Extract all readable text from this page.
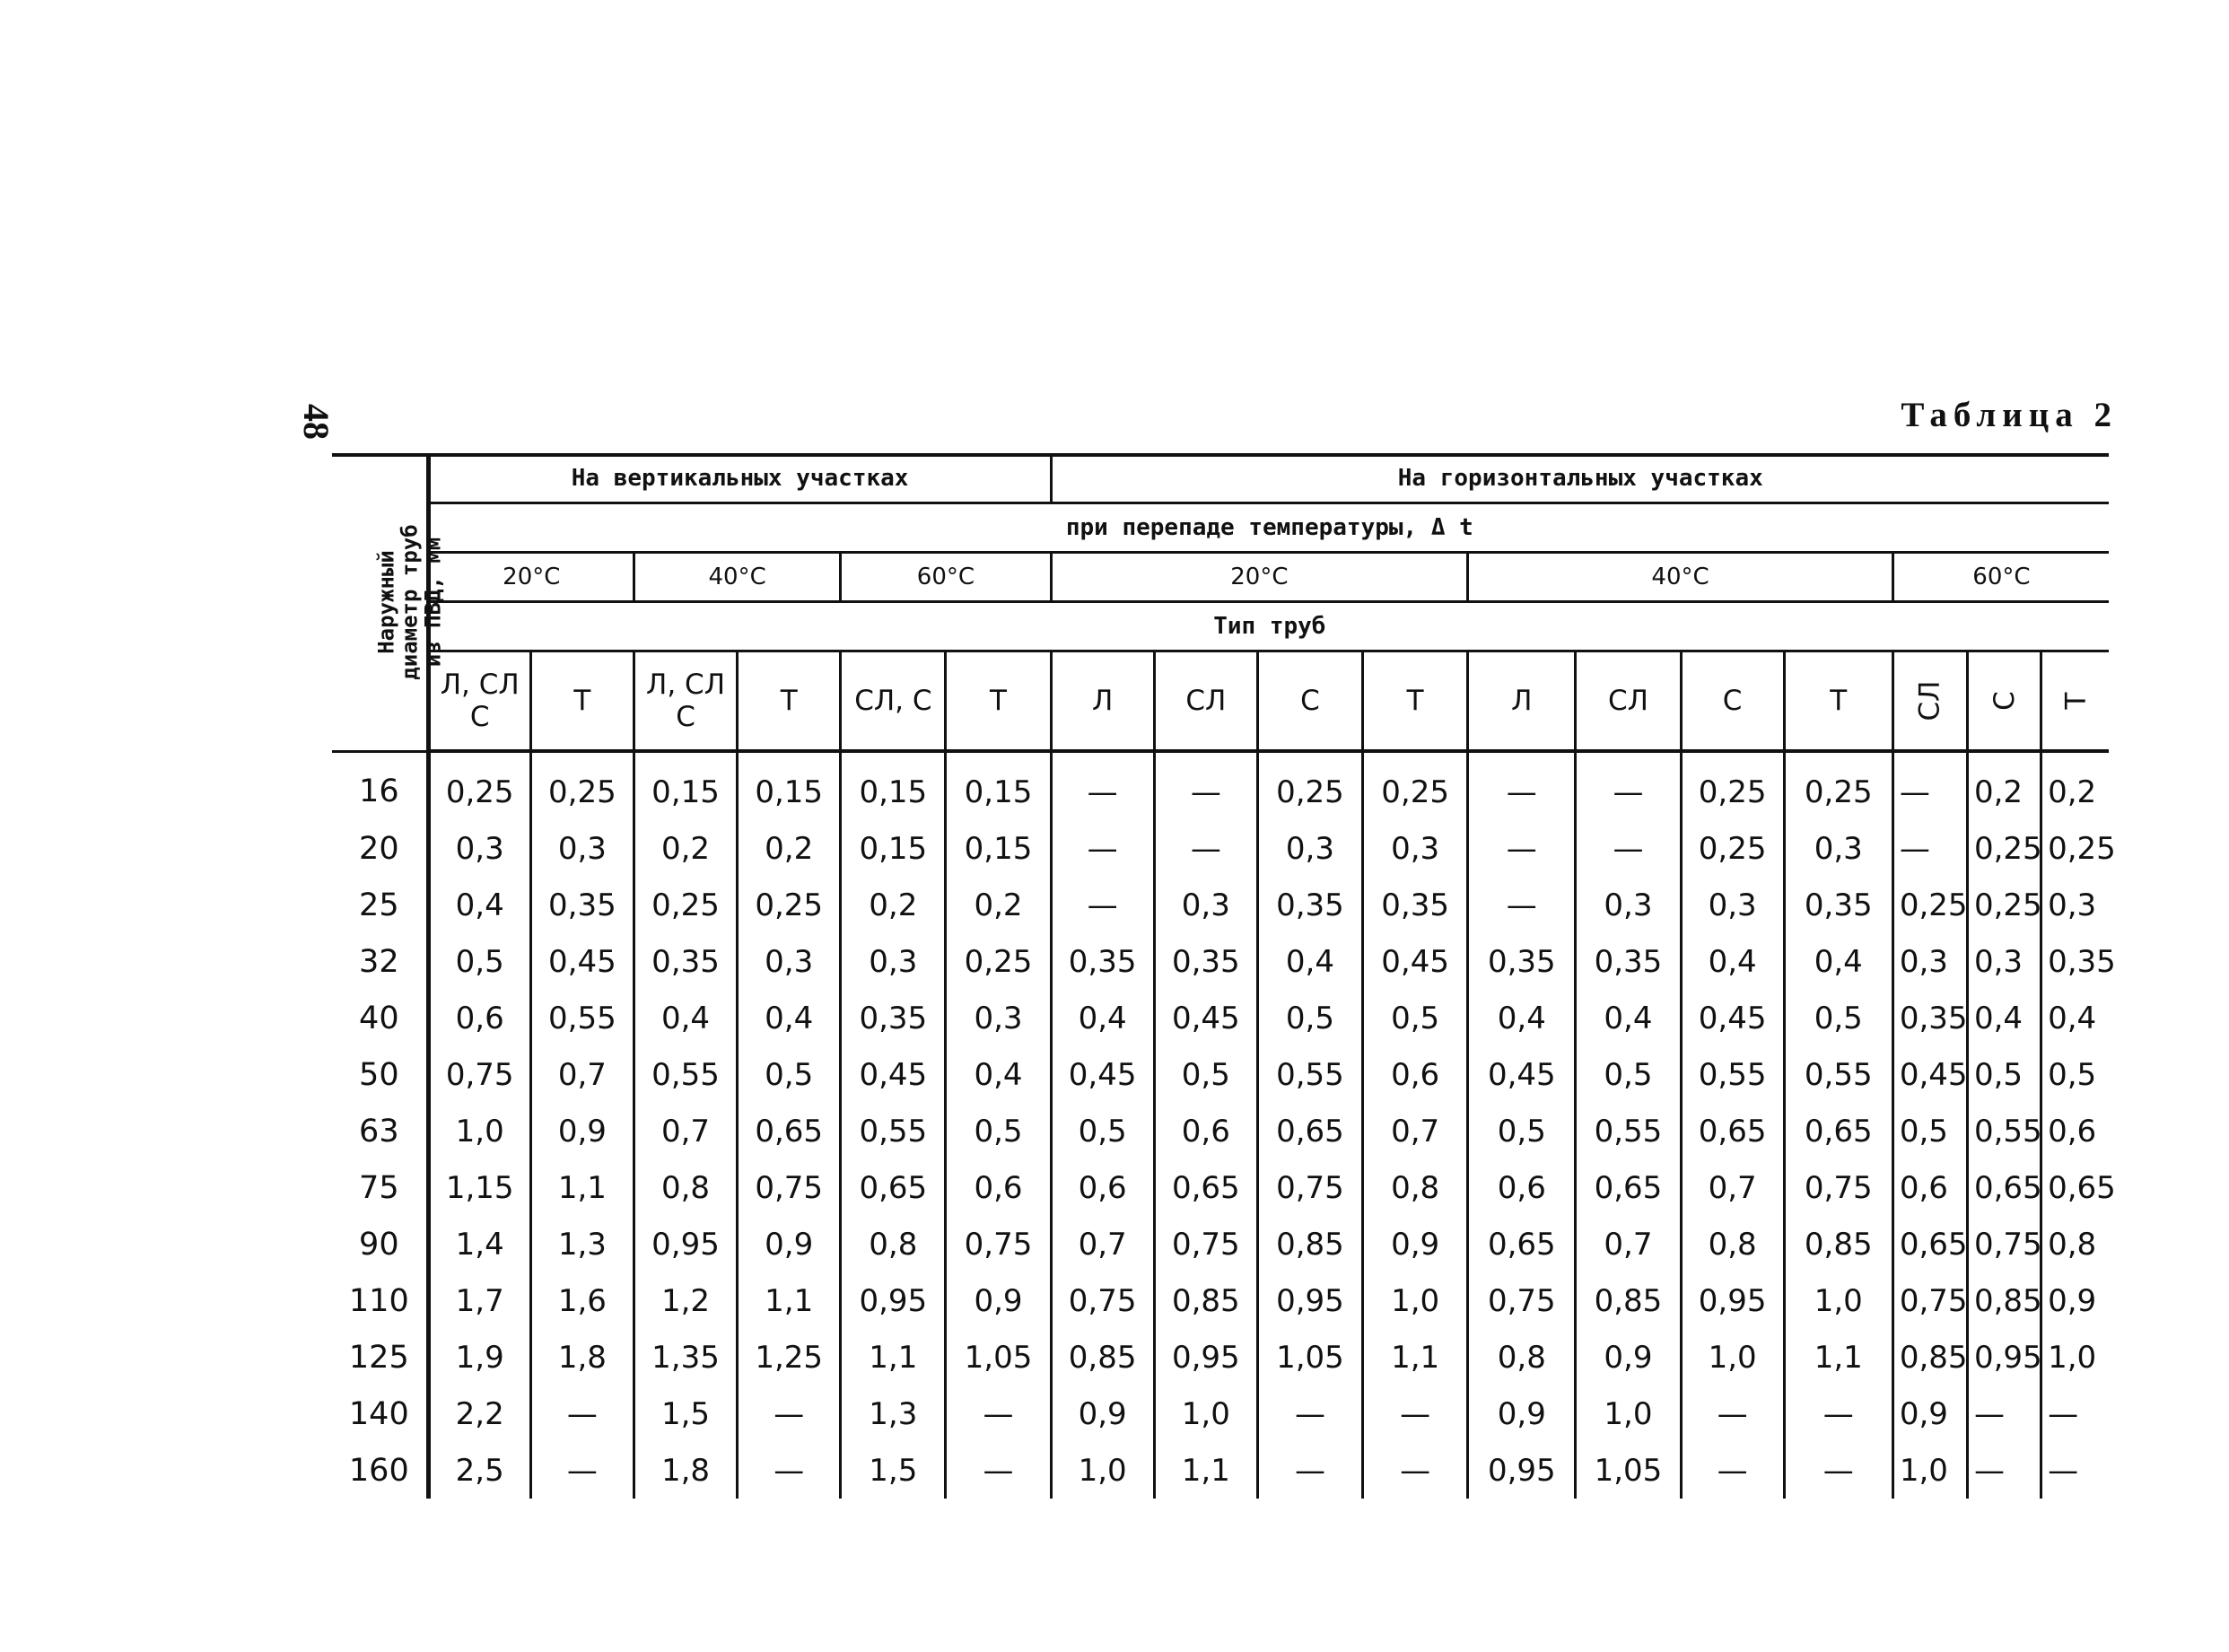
48	Таблица 2
Наружный
диаметр труб
из ПВД, мм	На вертикальных участках						На горизонтальных участках										
	при перепаде температуры, Δ t																
	20°C		40°C		60°C		20°C				40°C				60°C		
	Тип труб																
	Л, СЛ С	Т	Л, СЛ С	Т	СЛ, С	Т	Л	СЛ	С	Т	Л	СЛ	С	Т	СЛ	С	Т
16	0,25	0,25	0,15	0,15	0,15	0,15	—	—	0,25	0,25	—	—	0,25	0,25	—	0,2	0,2
20	0,3	0,3	0,2	0,2	0,15	0,15	—	—	0,3	0,3	—	—	0,25	0,3	—	0,25	0,25
25	0,4	0,35	0,25	0,25	0,2	0,2	—	0,3	0,35	0,35	—	0,3	0,3	0,35	0,25	0,25	0,3
32	0,5	0,45	0,35	0,3	0,3	0,25	0,35	0,35	0,4	0,45	0,35	0,35	0,4	0,4	0,3	0,3	0,35
40	0,6	0,55	0,4	0,4	0,35	0,3	0,4	0,45	0,5	0,5	0,4	0,4	0,45	0,5	0,35	0,4	0,4
50	0,75	0,7	0,55	0,5	0,45	0,4	0,45	0,5	0,55	0,6	0,45	0,5	0,55	0,55	0,45	0,5	0,5
63	1,0	0,9	0,7	0,65	0,55	0,5	0,5	0,6	0,65	0,7	0,5	0,55	0,65	0,65	0,5	0,55	0,6
75	1,15	1,1	0,8	0,75	0,65	0,6	0,6	0,65	0,75	0,8	0,6	0,65	0,7	0,75	0,6	0,65	0,65
90	1,4	1,3	0,95	0,9	0,8	0,75	0,7	0,75	0,85	0,9	0,65	0,7	0,8	0,85	0,65	0,75	0,8
110	1,7	1,6	1,2	1,1	0,95	0,9	0,75	0,85	0,95	1,0	0,75	0,85	0,95	1,0	0,75	0,85	0,9
125	1,9	1,8	1,35	1,25	1,1	1,05	0,85	0,95	1,05	1,1	0,8	0,9	1,0	1,1	0,85	0,95	1,0
140	2,2	—	1,5	—	1,3	—	0,9	1,0	—	—	0,9	1,0	—	—	0,9	—	—
160	2,5	—	1,8	—	1,5	—	1,0	1,1	—	—	0,95	1,05	—	—	1,0	—	—
